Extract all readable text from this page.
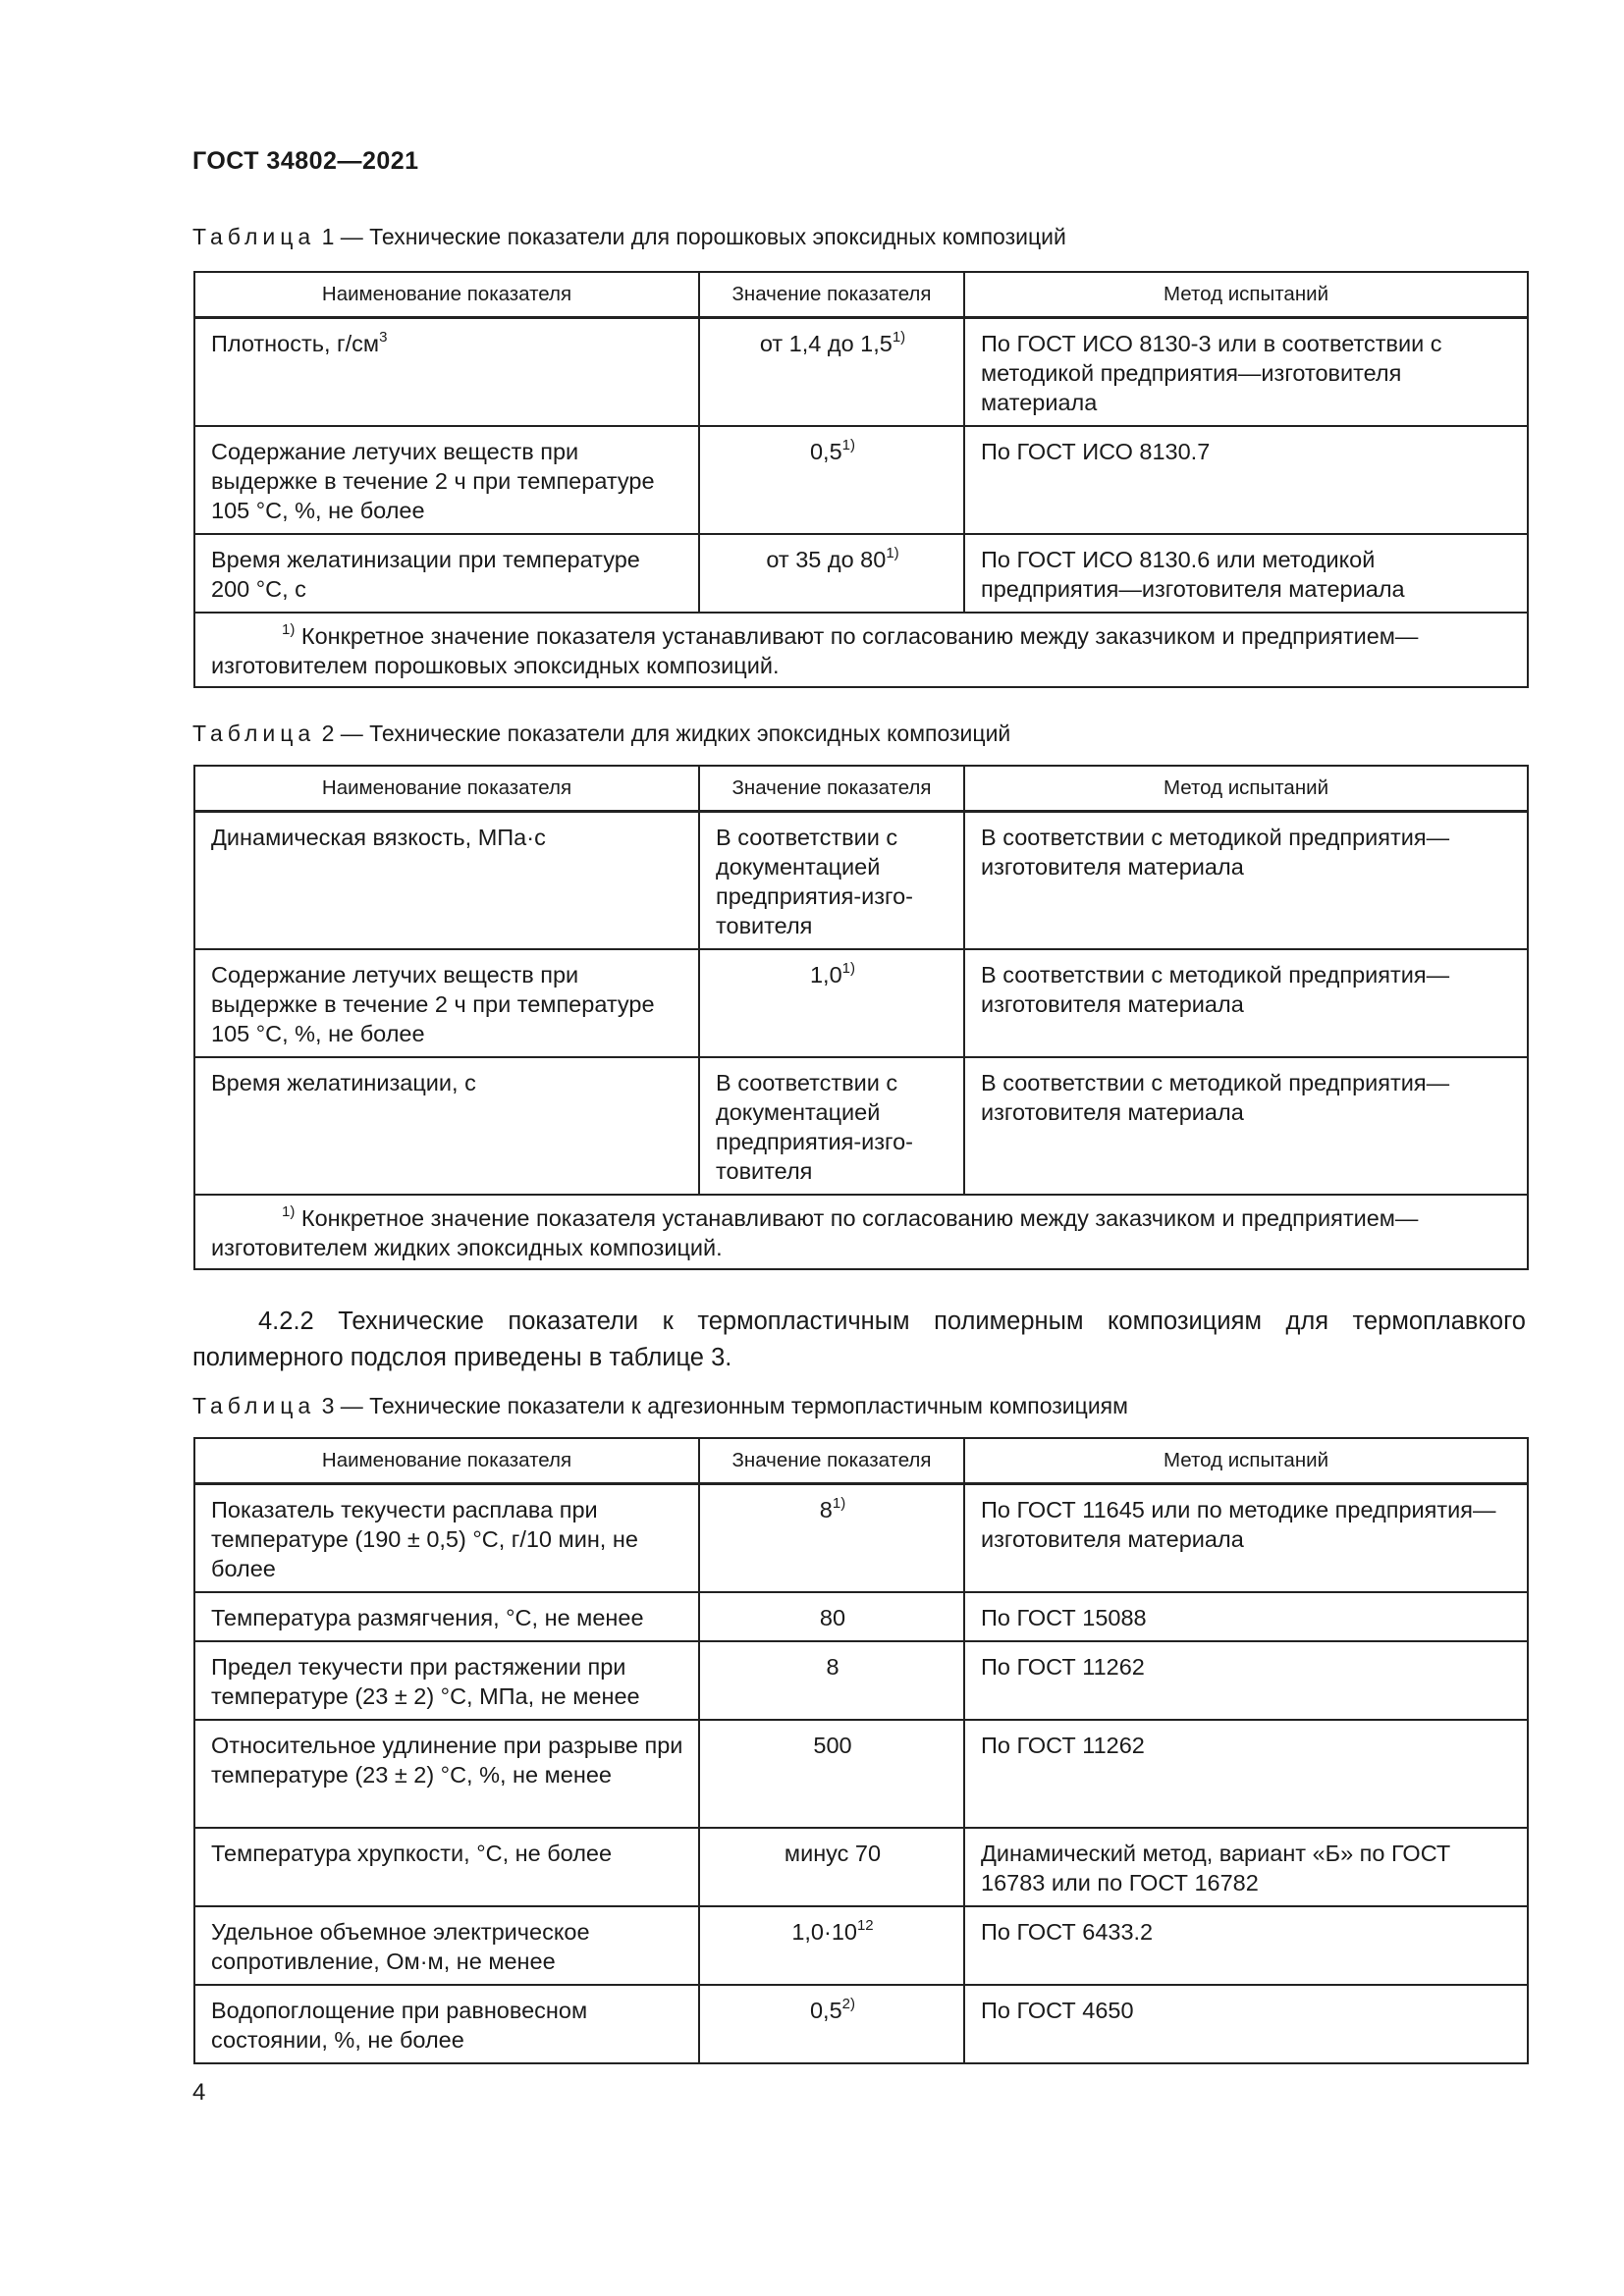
ГОСТ 34802—2021

Таблица 1 — Технические показатели для порошковых эпоксидных композиций

Наименование показателя	Значение показателя	Метод испытаний
Плотность, $г/см^3$	от 1,4 до 1,5$^{1)}$	По ГОСТ ИСО 8130-3 или в соответствии с методикой предприятия—изготовителя материала
Содержание летучих веществ при выдержке в течение 2 ч при температуре 105 °С, %, не более	0,5$^{1)}$	По ГОСТ ИСО 8130.7
Время желатинизации при температуре 200 °С, с	от 35 до 80$^{1)}$	По ГОСТ ИСО 8130.6 или методикой предприятия—изготовителя материала

$^{1)}$ Конкретное значение показателя устанавливают по согласованию между заказчиком и предприятием—
изготовителем порошковых эпоксидных композиций.		

Таблица 2 — Технические показатели для жидких эпоксидных композиций

Наименование показателя	Значение показателя	Метод испытаний
Динамическая вязкость, МПа·с	В соответствии с
документацией
предприятия-изго-
товителя	В соответствии с методикой предприятия—изготовителя материала
Содержание летучих веществ при выдержке в течение 2 ч при температуре 105 °С, %, не более	1,0$^{1)}$	В соответствии с методикой предприятия—изготовителя материала
Время желатинизации, с	В соответствии с
документацией
предприятия-изго-
товителя	В соответствии с методикой предприятия—изготовителя материала

$^{1)}$ Конкретное значение показателя устанавливают по согласованию между заказчиком и предприятием—
изготовителем жидких эпоксидных композиций.		

4.2.2 Технические показатели к термопластичным полимерным композициям для термоплавкого
полимерного подслоя приведены в таблице 3.

Таблица 3 — Технические показатели к адгезионным термопластичным композициям

Наименование показателя	Значение показателя	Метод испытаний
Показатель текучести расплава при температуре (190 ± 0,5) °С, г/10 мин, не более	8$^{1)}$	По ГОСТ 11645 или по методике предприятия—изготовителя материала
Температура размягчения, °С, не менее	80	По ГОСТ 15088
Предел текучести при растяжении при температуре (23 ± 2) °С, МПа, не менее	8	По ГОСТ 11262
Относительное удлинение при разрыве при температуре (23 ± 2) °С, %, не менее	500	По ГОСТ 11262
Температура хрупкости, °С, не более	минус 70	Динамический метод, вариант «Б» по ГОСТ 16783 или по ГОСТ 16782
Удельное объемное электрическое сопротивление, Ом·м, не менее	$1,0\cdot 10^{12}$	По ГОСТ 6433.2
Водопоглощение при равновесном состоянии, %, не более	0,5$^{2)}$	По ГОСТ 4650

4
